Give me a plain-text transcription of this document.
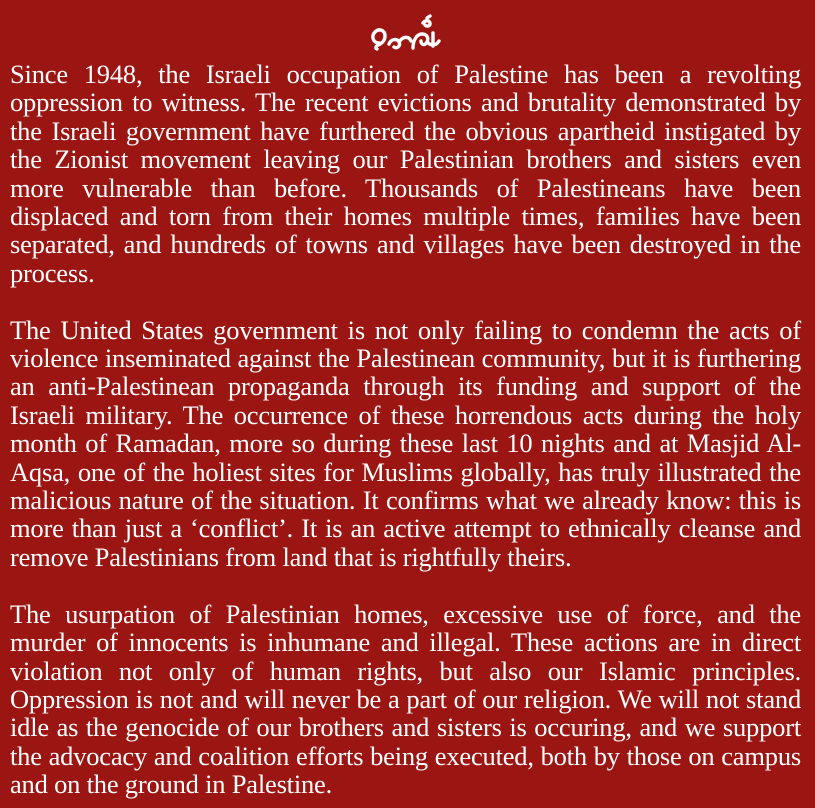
Since 1948, the Israeli occupation of Palestine has been a revolting oppression to witness. The recent evictions and brutality demonstrated by the Israeli government have furthered the obvious apartheid instigated by the Zionist movement leaving our Palestinian brothers and sisters even more vulnerable than before. Thousands of Palestineans have been displaced and torn from their homes multiple times, families have been separated, and hundreds of towns and villages have been destroyed in the process.

The United States government is not only failing to condemn the acts of violence inseminated against the Palestinean community, but it is furthering an anti-Palestinean propaganda through its funding and support of the Israeli military. The occurrence of these horrendous acts during the holy month of Ramadan, more so during these last 10 nights and at Masjid Al-Aqsa, one of the holiest sites for Muslims globally, has truly illustrated the malicious nature of the situation. It confirms what we already know: this is more than just a ‘conflict’. It is an active attempt to ethnically cleanse and remove Palestinians from land that is rightfully theirs.

The usurpation of Palestinian homes, excessive use of force, and the murder of innocents is inhumane and illegal. These actions are in direct violation not only of human rights, but also our Islamic principles. Oppression is not and will never be a part of our religion. We will not stand idle as the genocide of our brothers and sisters is occuring, and we support the advocacy and coalition efforts being executed, both by those on campus and on the ground in Palestine.
